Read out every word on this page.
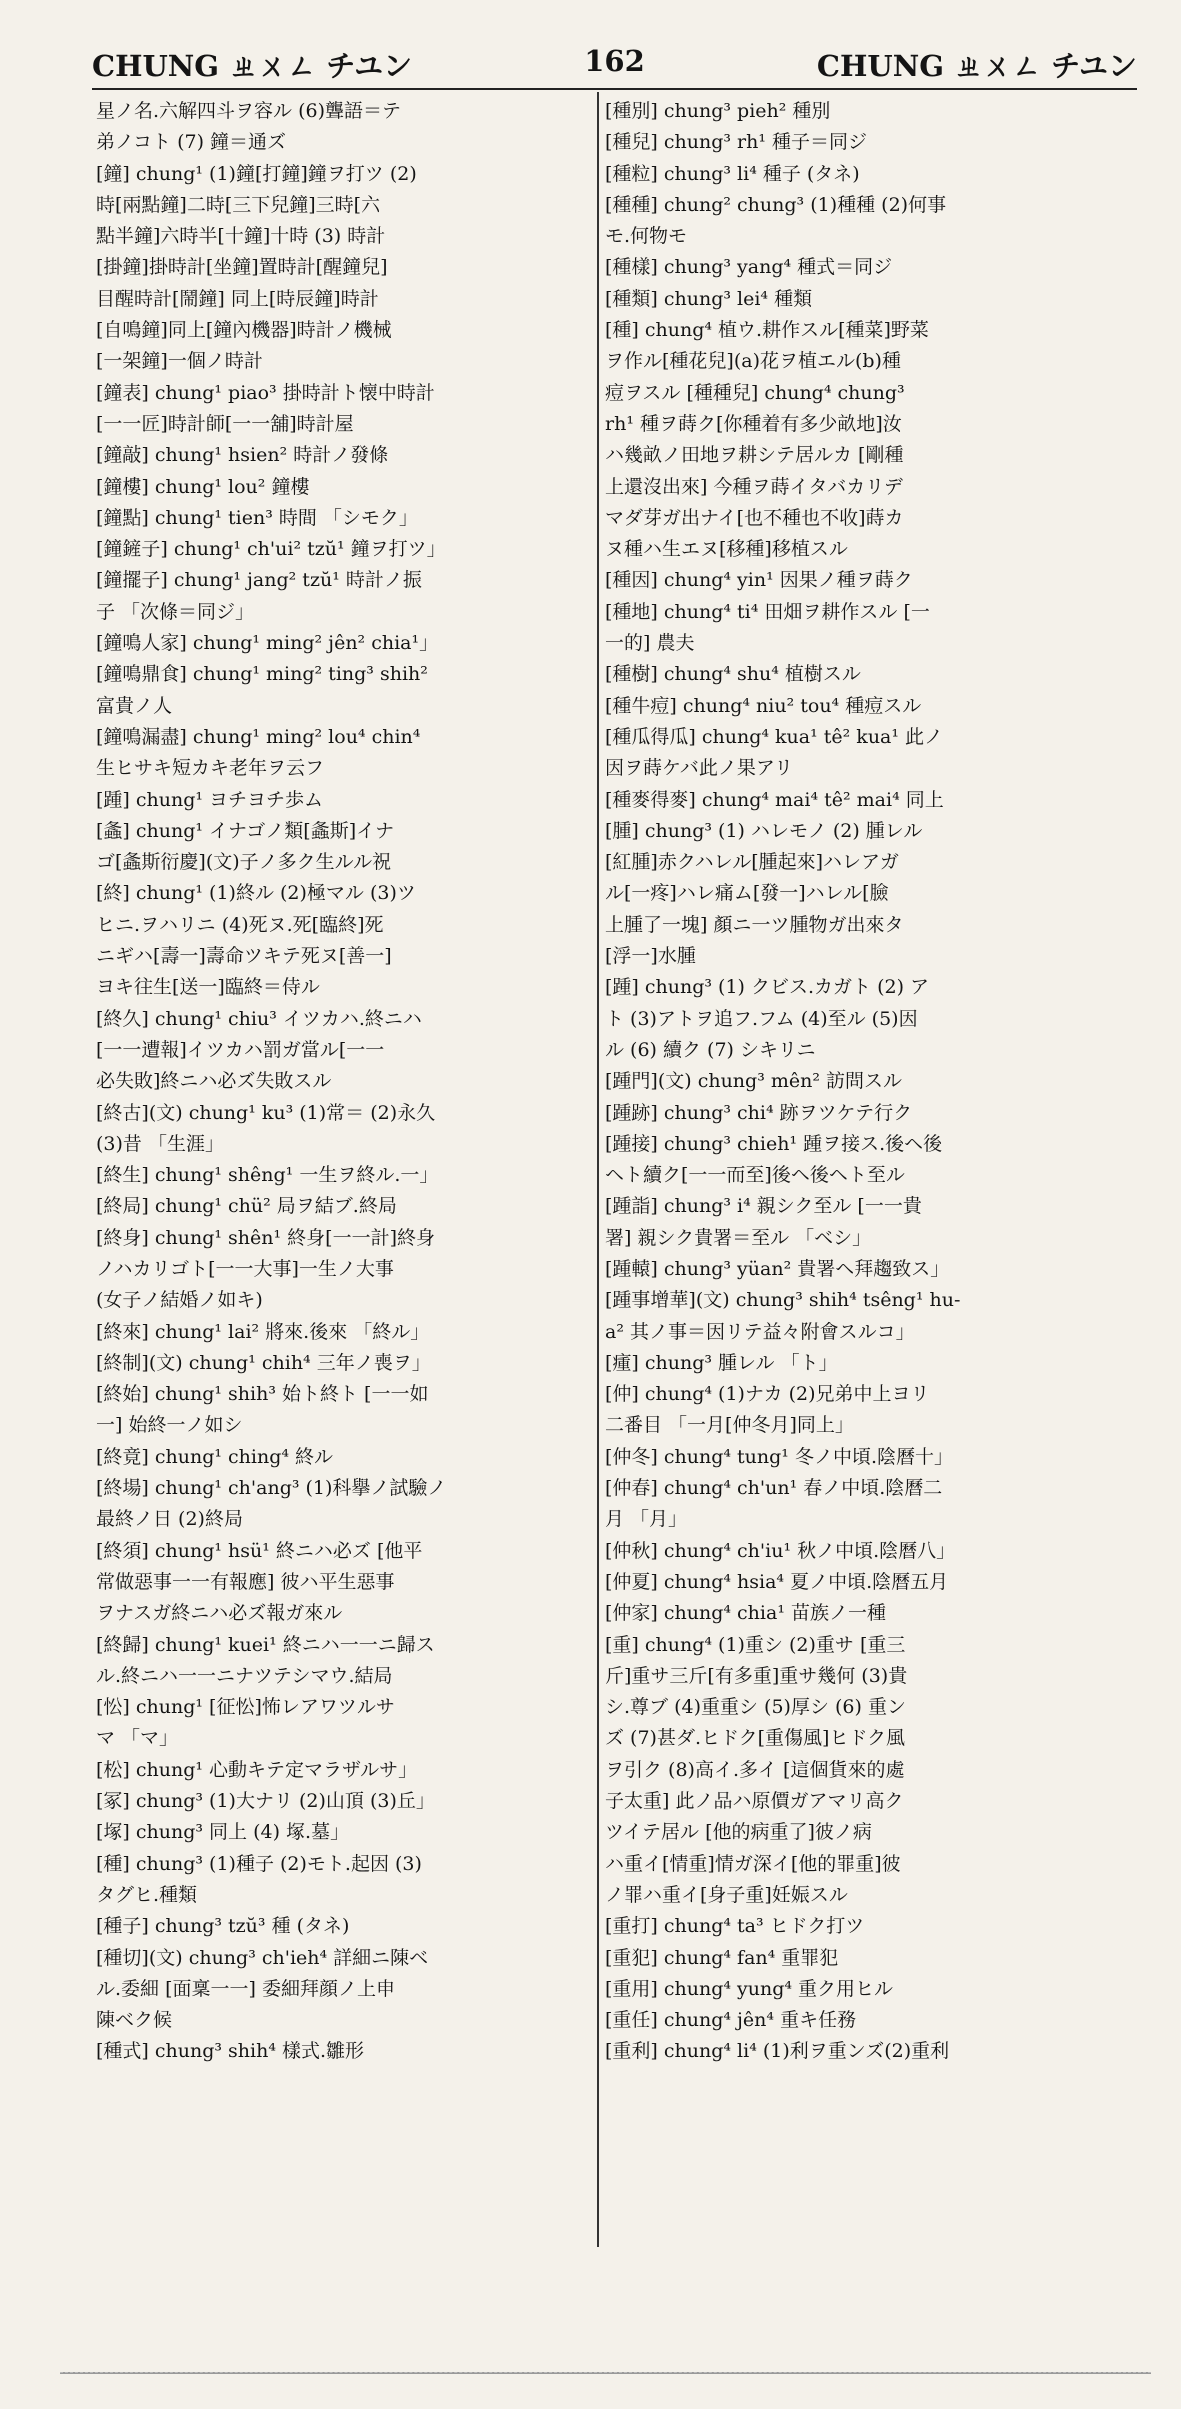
CHUNG ㄓㄨㄥ チユン	162	CHUNG ㄓㄨㄥ チユン
星ノ名.六解四斗ヲ容ル (6)聾語＝テ
弟ノコト (7) 鐘＝通ズ
[鐘] chung¹ (1)鐘[打鐘]鐘ヲ打ツ (2)
時[兩點鐘]二時[三下兒鐘]三時[六
點半鐘]六時半[十鐘]十時 (3) 時計
[掛鐘]掛時計[坐鐘]置時計[醒鐘兒]
目醒時計[鬧鐘] 同上[時辰鐘]時計
[自鳴鐘]同上[鐘內機器]時計ノ機械
[一架鐘]一個ノ時計
[鐘表] chung¹ piao³ 掛時計ト懐中時計
[一一匠]時計師[一一舖]時計屋
[鐘敲] chung¹ hsien² 時計ノ發條
[鐘樓] chung¹ lou² 鐘樓
[鐘點] chung¹ tien³ 時間 「シモク」
[鐘鏟子] chung¹ ch'ui² tzŭ¹ 鐘ヲ打ツ」
[鐘擺子] chung¹ jang² tzŭ¹ 時計ノ振
子 「次條＝同ジ」
[鐘鳴人家] chung¹ ming² jên² chia¹」
[鐘鳴鼎食] chung¹ ming² ting³ shih²
富貴ノ人
[鐘鳴漏盡] chung¹ ming² lou⁴ chin⁴
生ヒサキ短カキ老年ヲ云フ
[踵] chung¹ ヨチヨチ歩ム
[螽] chung¹ イナゴノ類[螽斯]イナ
ゴ[螽斯衍慶](文)子ノ多ク生ルル祝
[終] chung¹ (1)終ル (2)極マル (3)ツ
ヒニ.ヲハリニ (4)死ヌ.死[臨終]死
ニギハ[壽一]壽命ツキテ死ヌ[善一]
ヨキ往生[送一]臨終＝侍ル
[終久] chung¹ chiu³ イツカハ.終ニハ
[一一遭報]イツカハ罰ガ當ル[一一
必失敗]終ニハ必ズ失敗スル
[終古](文) chung¹ ku³ (1)常＝ (2)永久
(3)昔 「生涯」
[終生] chung¹ shêng¹ 一生ヲ終ル.一」
[終局] chung¹ chü² 局ヲ結ブ.終局
[終身] chung¹ shên¹ 終身[一一計]終身
ノハカリゴト[一一大事]一生ノ大事
(女子ノ結婚ノ如キ)
[終來] chung¹ lai² 將來.後來 「終ル」
[終制](文) chung¹ chih⁴ 三年ノ喪ヲ」
[終始] chung¹ shih³ 始ト終ト [一一如
一] 始終一ノ如シ
[終竟] chung¹ ching⁴ 終ル
[終場] chung¹ ch'ang³ (1)科擧ノ試驗ノ
最終ノ日 (2)終局
[終須] chung¹ hsü¹ 終ニハ必ズ [他平
常做惡事一一有報應] 彼ハ平生惡事
ヲナスガ終ニハ必ズ報ガ來ル
[終歸] chung¹ kuei¹ 終ニハ一一ニ歸ス
ル.終ニハ一一ニナツテシマウ.結局
[忪] chung¹ [征忪]怖レアワツルサ
マ 「マ」
[松] chung¹ 心動キテ定マラザルサ」
[冢] chung³ (1)大ナリ (2)山頂 (3)丘」
[塚] chung³ 同上 (4) 塚.墓」
[種] chung³ (1)種子 (2)モト.起因 (3)
タグヒ.種類
[種子] chung³ tzŭ³ 種 (タネ)
[種切](文) chung³ ch'ieh⁴ 詳細ニ陳ベ
ル.委細 [面稟一一] 委細拜顔ノ上申
陳ベク候
[種式] chung³ shih⁴ 樣式.雛形
[種別] chung³ pieh² 種別
[種兒] chung³ rh¹ 種子＝同ジ
[種粒] chung³ li⁴ 種子 (タネ)
[種種] chung² chung³ (1)種種 (2)何事
モ.何物モ
[種樣] chung³ yang⁴ 種式＝同ジ
[種類] chung³ lei⁴ 種類
[種] chung⁴ 植ウ.耕作スル[種菜]野菜
ヲ作ル[種花兒](a)花ヲ植エル(b)種
痘ヲスル [種種兒] chung⁴ chung³
rh¹ 種ヲ蒔ク[你種着有多少畝地]汝
ハ幾畝ノ田地ヲ耕シテ居ルカ [剛種
上還沒出來] 今種ヲ蒔イタバカリデ
マダ芽ガ出ナイ[也不種也不收]蒔カ
ヌ種ハ生エヌ[移種]移植スル
[種因] chung⁴ yin¹ 因果ノ種ヲ蒔ク
[種地] chung⁴ ti⁴ 田畑ヲ耕作スル [一
一的] 農夫
[種樹] chung⁴ shu⁴ 植樹スル
[種牛痘] chung⁴ niu² tou⁴ 種痘スル
[種瓜得瓜] chung⁴ kua¹ tê² kua¹ 此ノ
因ヲ蒔ケバ此ノ果アリ
[種麥得麥] chung⁴ mai⁴ tê² mai⁴ 同上
[腫] chung³ (1) ハレモノ (2) 腫レル
[紅腫]赤クハレル[腫起來]ハレアガ
ル[一疼]ハレ痛ム[發一]ハレル[臉
上腫了一塊] 顏ニ一ツ腫物ガ出來タ
[浮一]水腫
[踵] chung³ (1) クビス.カガト (2) ア
ト (3)アトヲ追フ.フム (4)至ル (5)因
ル (6) 續ク (7) シキリニ
[踵門](文) chung³ mên² 訪問スル
[踵跡] chung³ chi⁴ 跡ヲツケテ行ク
[踵接] chung³ chieh¹ 踵ヲ接ス.後ヘ後
ヘト續ク[一一而至]後ヘ後ヘト至ル
[踵詣] chung³ i⁴ 親シク至ル [一一貴
署] 親シク貴署＝至ル 「ベシ」
[踵轅] chung³ yüan² 貴署ヘ拜趨致ス」
[踵事增華](文) chung³ shih⁴ tsêng¹ hu-
a² 其ノ事＝因リテ益々附會スルコ」
[瘇] chung³ 腫レル 「ト」
[仲] chung⁴ (1)ナカ (2)兄弟中上ヨリ
二番目 「一月[仲冬月]同上」
[仲冬] chung⁴ tung¹ 冬ノ中頃.陰曆十」
[仲春] chung⁴ ch'un¹ 春ノ中頃.陰曆二
月 「月」
[仲秋] chung⁴ ch'iu¹ 秋ノ中頃.陰曆八」
[仲夏] chung⁴ hsia⁴ 夏ノ中頃.陰曆五月
[仲家] chung⁴ chia¹ 苗族ノ一種
[重] chung⁴ (1)重シ (2)重サ [重三
斤]重サ三斤[有多重]重サ幾何 (3)貴
シ.尊ブ (4)重重シ (5)厚シ (6) 重ン
ズ (7)甚ダ.ヒドク[重傷風]ヒドク風
ヲ引ク (8)高イ.多イ [這個貨來的處
子太重] 此ノ品ハ原價ガアマリ高ク
ツイテ居ル [他的病重了]彼ノ病
ハ重イ[情重]情ガ深イ[他的罪重]彼
ノ罪ハ重イ[身子重]妊娠スル
[重打] chung⁴ ta³ ヒドク打ツ
[重犯] chung⁴ fan⁴ 重罪犯
[重用] chung⁴ yung⁴ 重ク用ヒル
[重任] chung⁴ jên⁴ 重キ任務
[重利] chung⁴ li⁴ (1)利ヲ重ンズ(2)重利
